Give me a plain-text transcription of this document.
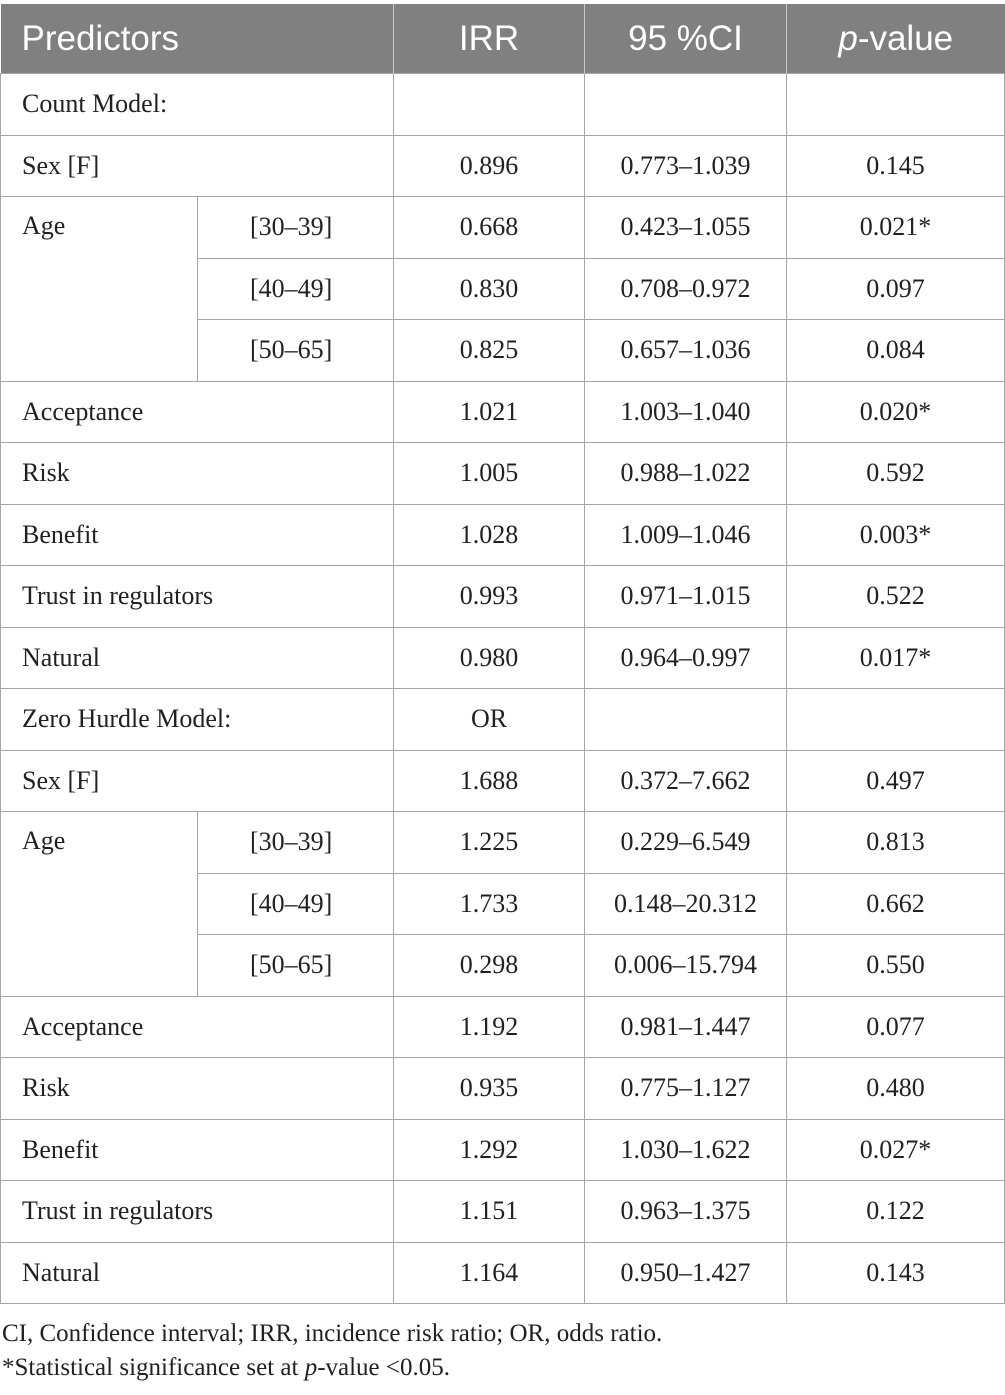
Predictors		IRR	95 %CI	p-value
Count Model:				
Sex [F]		0.896	0.773–1.039	0.145
Age	[30–39]	0.668	0.423–1.055	0.021*
	[40–49]	0.830	0.708–0.972	0.097
	[50–65]	0.825	0.657–1.036	0.084
Acceptance		1.021	1.003–1.040	0.020*
Risk		1.005	0.988–1.022	0.592
Benefit		1.028	1.009–1.046	0.003*
Trust in regulators		0.993	0.971–1.015	0.522
Natural		0.980	0.964–0.997	0.017*
Zero Hurdle Model:		OR		
Sex [F]		1.688	0.372–7.662	0.497
Age	[30–39]	1.225	0.229–6.549	0.813
	[40–49]	1.733	0.148–20.312	0.662
	[50–65]	0.298	0.006–15.794	0.550
Acceptance		1.192	0.981–1.447	0.077
Risk		0.935	0.775–1.127	0.480
Benefit		1.292	1.030–1.622	0.027*
Trust in regulators		1.151	0.963–1.375	0.122
Natural		1.164	0.950–1.427	0.143

CI, Confidence interval; IRR, incidence risk ratio; OR, odds ratio.

*Statistical significance set at p-value <0.05.
